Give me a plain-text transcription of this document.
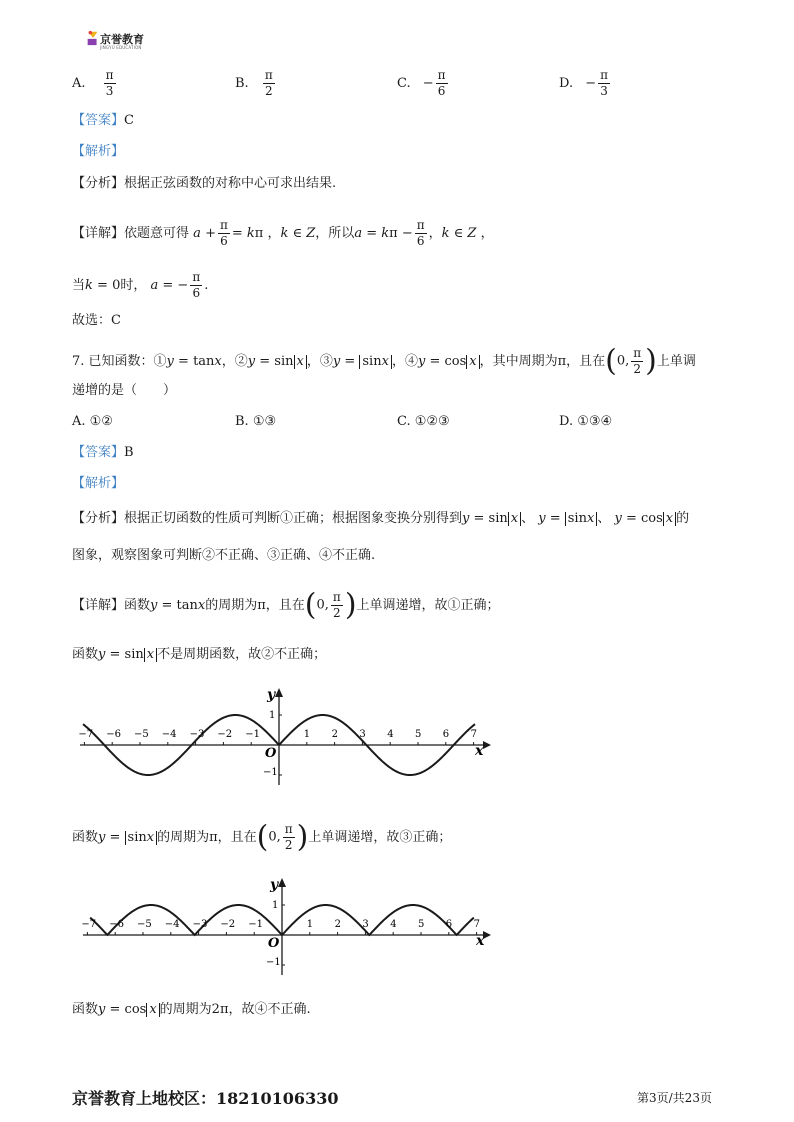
京誉教育
JINGYU EDUCATION
A. $\frac{\pi}{3}$	B. $\frac{\pi}{2}$	C. − $\frac{\pi}{6}$	D. − $\frac{\pi}{3}$
【答案】C
【解析】
【分析】根据正弦函数的对称中心可求出结果.
【详解】依题意可得 $a + \frac{\pi}{6} = k\pi$ ，k ∈ Z，所以$a = k\pi - \frac{\pi}{6}$ ，k ∈ Z ，
当k = 0时， a = − $\frac{\pi}{6}$ .
故选：C
7. 已知函数：①y = tanx，②y = sin x ，③y = sinx ，④y = cos x ，其中周期为π，且在(0, $\frac{\pi}{2}$ )上单调
递增的是（　　）
A. ①②	B. ①③	C. ①②③	D. ①③④
【答案】B
【解析】
【分析】根据正切函数的性质可判断①正确；根据图象变换分别得到y = sin x 、 y = sinx 、 y = cos x 的
图象，观察图象可判断②不正确、③正确、④不正确.
【详解】函数y = tanx的周期为π，且在(0, $\frac{\pi}{2}$ )上单调递增，故①正确；
函数y = sin x 不是周期函数，故②不正确；
−7 −6 −5 −4 −3 −2 −1	1 2 3 4 5 6 7
O	x
y
1
−1
函数y = sinx 的周期为π，且在(0, $\frac{\pi}{2}$ )上单调递增，故③正确；
−7 −6 −5 −4 −3 −2 −1	1 2 3 4 5 6 7
O	x
y
1
−1
函数y = cos x 的周期为2π，故④不正确.
京誉教育上地校区：18210106330	第3页/共23页
